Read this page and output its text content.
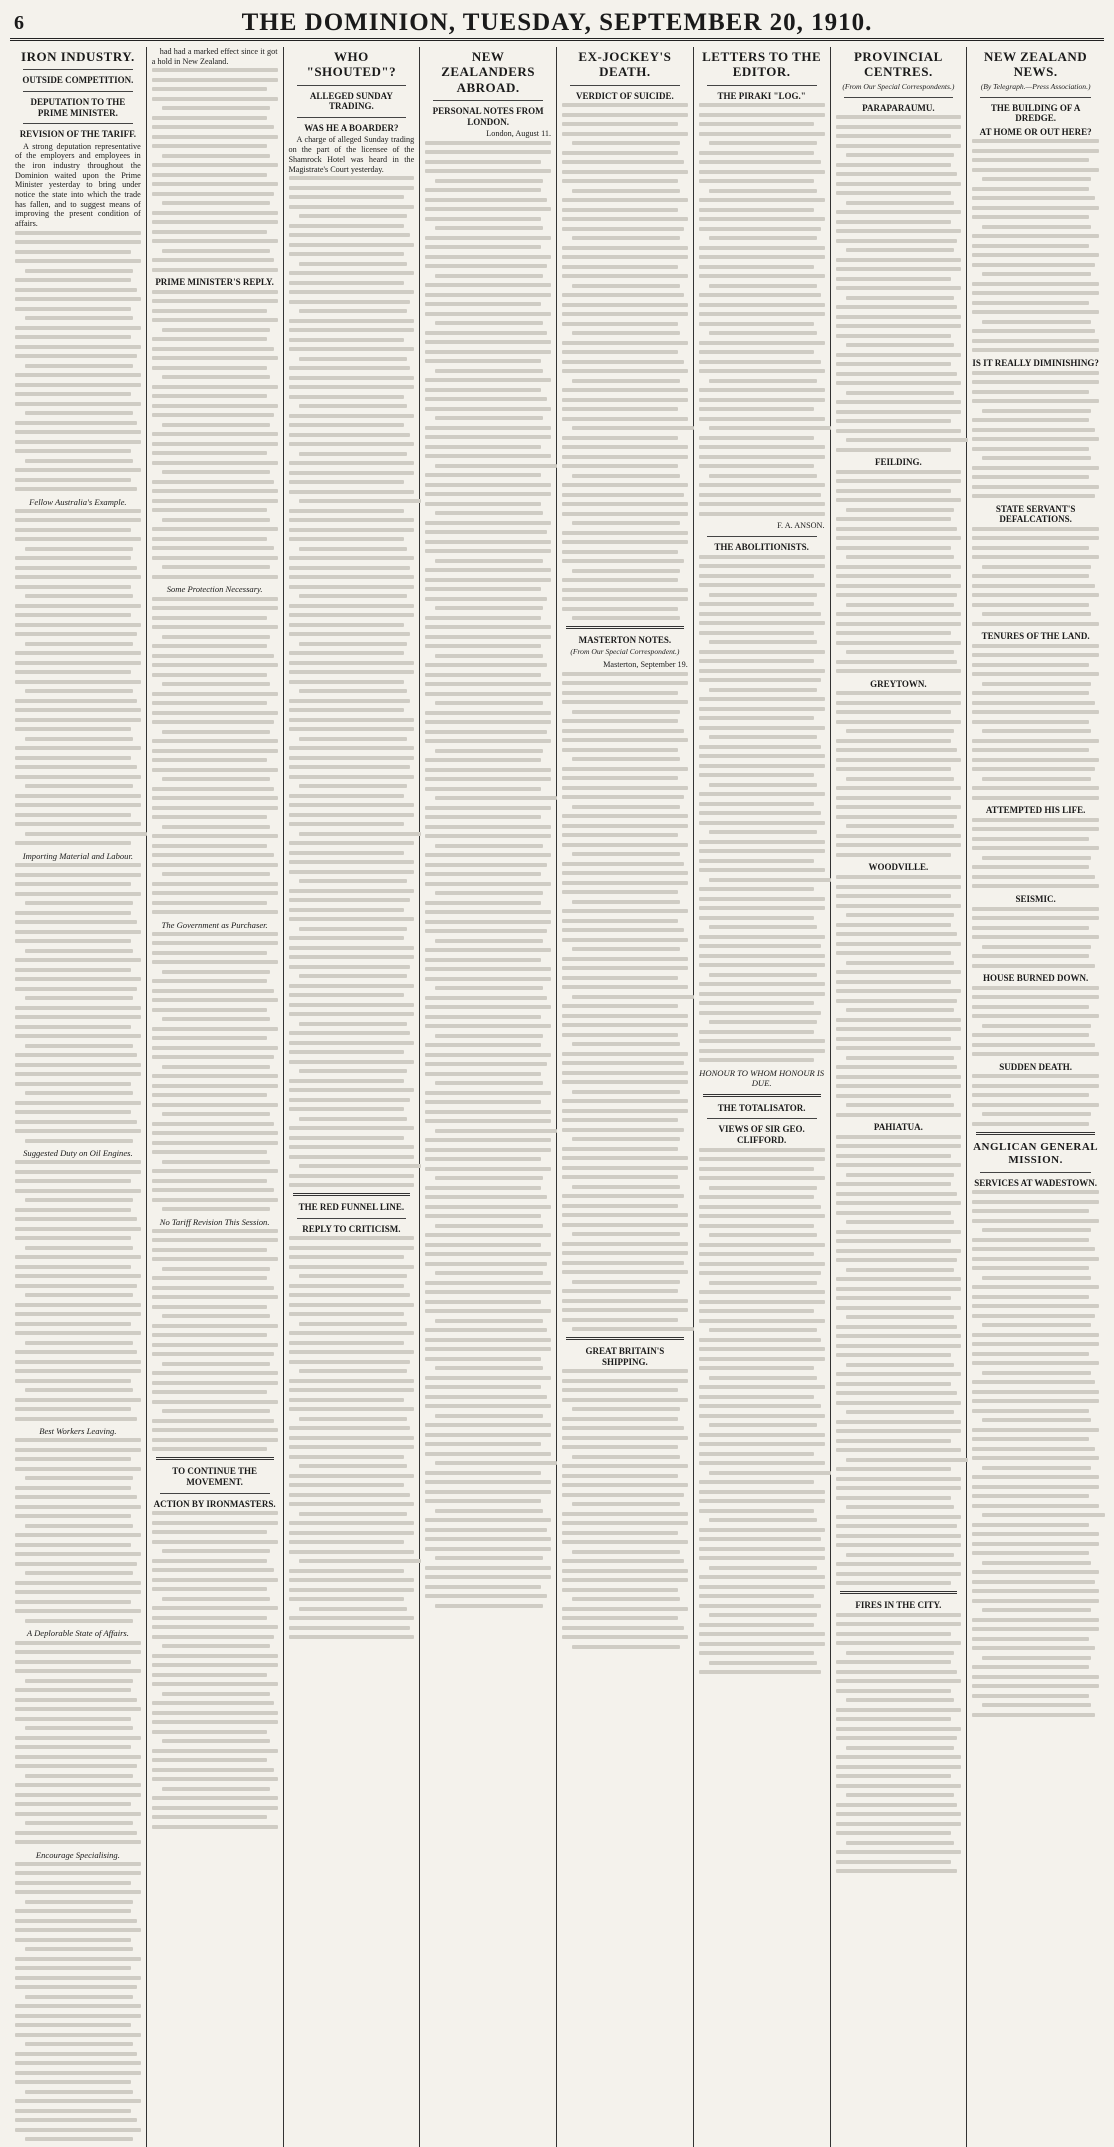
6	THE DOMINION, TUESDAY, SEPTEMBER 20, 1910.
IRON INDUSTRY.
OUTSIDE COMPETITION.
DEPUTATION TO THE PRIME MINISTER.
REVISION OF THE TARIFF.

A strong deputation representative of the employers and employees in the iron industry throughout the Dominion waited upon the Prime Minister yesterday to bring under notice the state into which the trade has fallen, and to suggest means of improving the present condition of affairs.

Fellow Australia's Example.
Importing Material and Labour.
Suggested Duty on Oil Engines.
Best Workers Leaving.
A Deplorable State of Affairs.
Encourage Specialising.

had had a marked effect since it got a hold in New Zealand.

PRIME MINISTER'S REPLY.
Some Protection Necessary.
The Government as Purchaser.
No Tariff Revision This Session.
TO CONTINUE THE MOVEMENT.
ACTION BY IRONMASTERS.
WHO "SHOUTED"?
ALLEGED SUNDAY TRADING.
WAS HE A BOARDER?

A charge of alleged Sunday trading on the part of the licensee of the Shamrock Hotel was heard in the Magistrate's Court yesterday.

THE RED FUNNEL LINE.
REPLY TO CRITICISM.
NEW ZEALANDERS ABROAD.
PERSONAL NOTES FROM LONDON.

London, August 11.

EX-JOCKEY'S DEATH.
VERDICT OF SUICIDE.
MASTERTON NOTES.
(From Our Special Correspondent.)

Masterton, September 19.

GREAT BRITAIN'S SHIPPING.
LETTERS TO THE EDITOR.
THE PIRAKI "LOG."

F. A. ANSON.

THE ABOLITIONISTS.
HONOUR TO WHOM HONOUR IS DUE.
THE TOTALISATOR.
VIEWS OF SIR GEO. CLIFFORD.
PROVINCIAL CENTRES.
(From Our Special Correspondents.)
PARAPARAUMU.
FEILDING.
GREYTOWN.
WOODVILLE.
PAHIATUA.
FIRES IN THE CITY.
NEW ZEALAND NEWS.
(By Telegraph.—Press Association.)
THE BUILDING OF A DREDGE.
AT HOME OR OUT HERE?
IS IT REALLY DIMINISHING?
STATE SERVANT'S DEFALCATIONS.
TENURES OF THE LAND.
ATTEMPTED HIS LIFE.
SEISMIC.
HOUSE BURNED DOWN.
SUDDEN DEATH.
ANGLICAN GENERAL MISSION.
SERVICES AT WADESTOWN.
